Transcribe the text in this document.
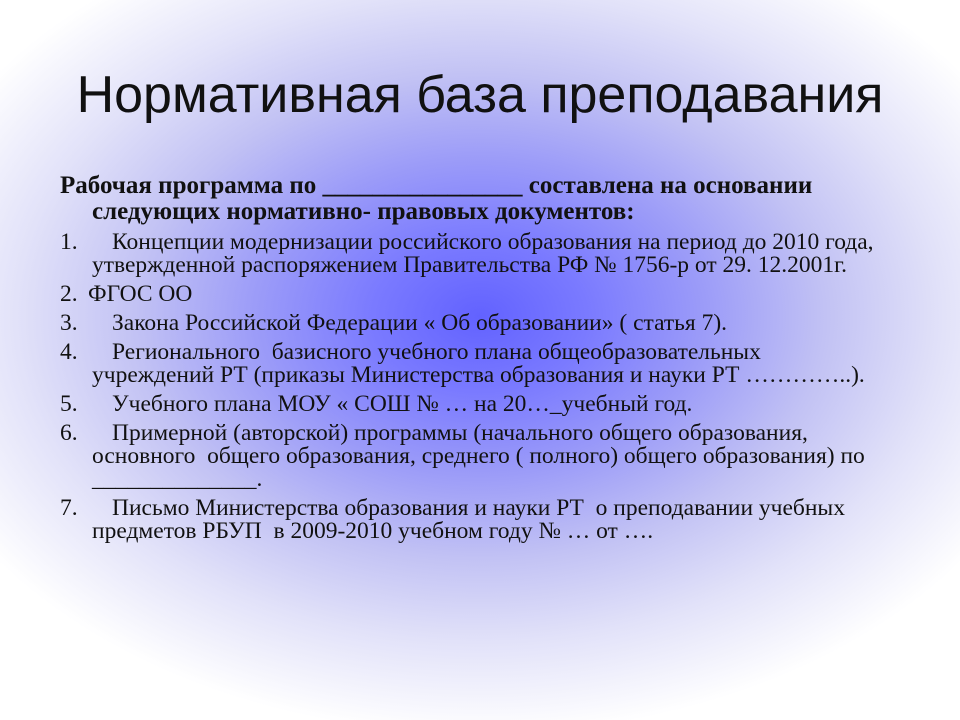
Нормативная база преподавания
Рабочая программа по ________________ составлена на основании
следующих нормативно- правовых документов:
1.	Концепции модернизации российского образования на период до 2010 года,
утвержденной распоряжением Правительства РФ № 1756-р от 29. 12.2001г.
2. ФГОС ОО
3.	Закона Российской Федерации « Об образовании» ( статья 7).
4.	Регионального  базисного учебного плана общеобразовательных
учреждений РТ (приказы Министерства образования и науки РТ …………..).
5.	Учебного плана МОУ « СОШ № … на 20…_учебный год.
6.	Примерной (авторской) программы (начального общего образования,
основного  общего образования, среднего ( полного) общего образования) по
______________.
7.	Письмо Министерства образования и науки РТ  о преподавании учебных
предметов РБУП  в 2009-2010 учебном году № … от ….
